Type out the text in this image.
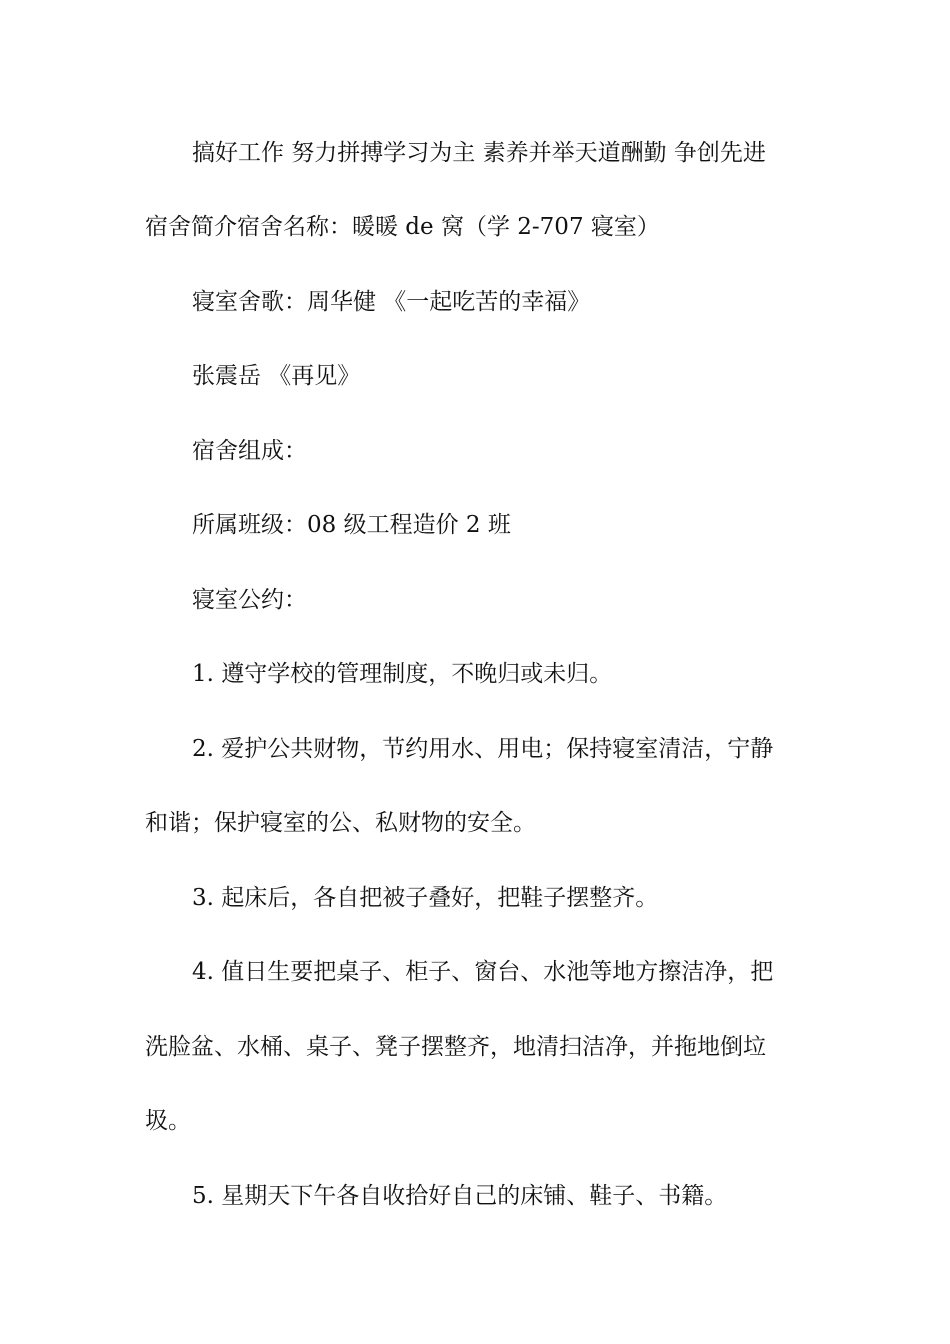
搞好工作 努力拼搏学习为主 素养并举天道酬勤 争创先进
宿舍简介宿舍名称：暖暖 de 窝（学 2-707 寝室）
寝室舍歌：周华健 《一起吃苦的幸福》
张震岳 《再见》
宿舍组成：
所属班级：08 级工程造价 2 班
寝室公约：
1. 遵守学校的管理制度，不晚归或未归。
2. 爱护公共财物，节约用水、用电；保持寝室清洁，宁静
和谐；保护寝室的公、私财物的安全。
3. 起床后，各自把被子叠好，把鞋子摆整齐。
4. 值日生要把桌子、柜子、窗台、水池等地方擦洁净，把
洗脸盆、水桶、桌子、凳子摆整齐，地清扫洁净，并拖地倒垃
圾。
5. 星期天下午各自收拾好自己的床铺、鞋子、书籍。
